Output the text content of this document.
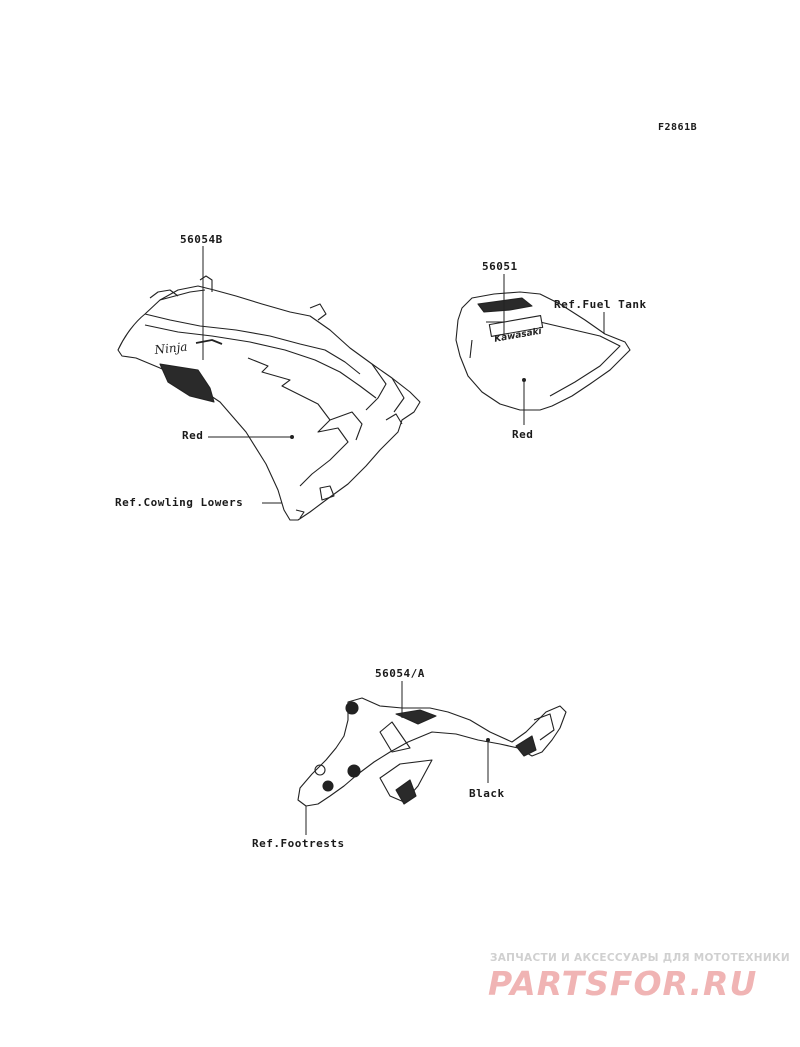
F2861B
56054B
Red
Ref.Cowling Lowers
56051
Ref.Fuel Tank
Red
56054/A
Black
Ref.Footrests
Ninja
Kawasaki
ЗАПЧАСТИ И АКСЕССУАРЫ ДЛЯ МОТОТЕХНИКИ
PARTSFOR.RU
